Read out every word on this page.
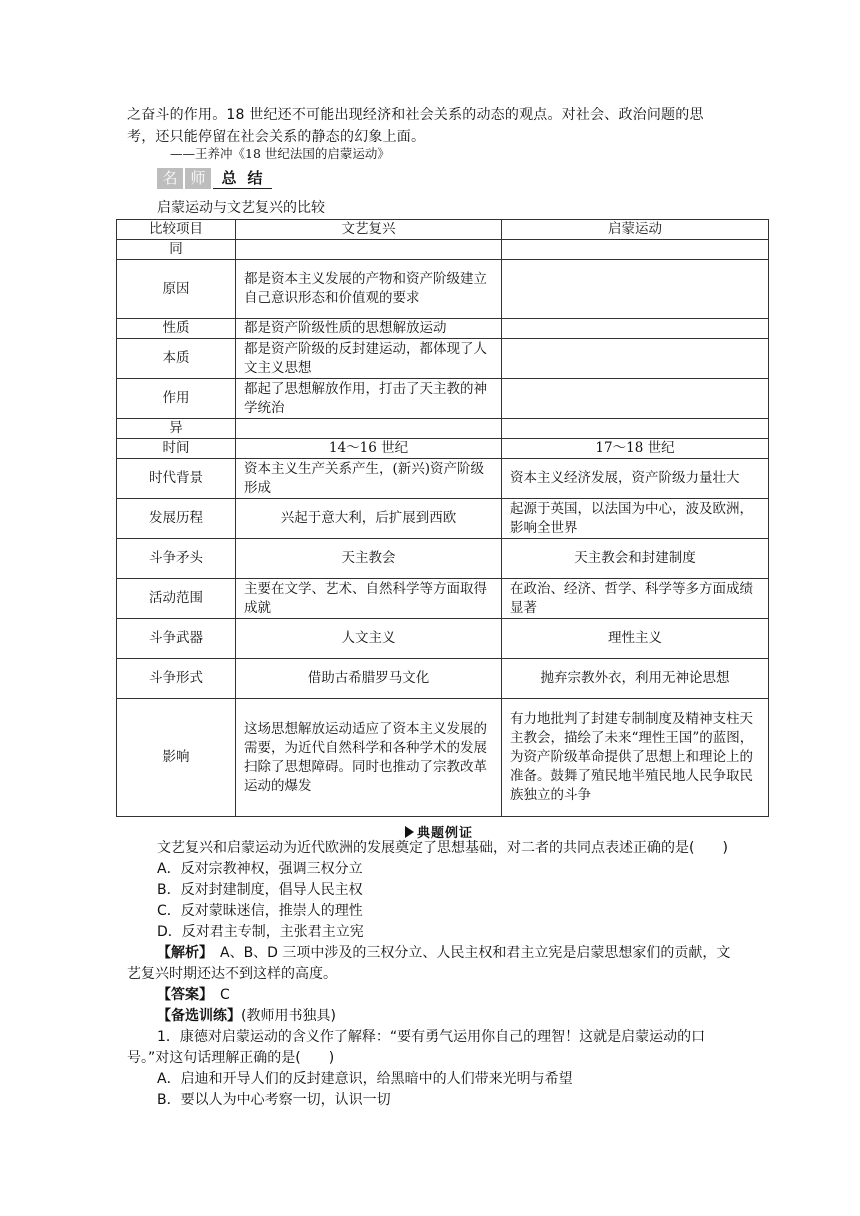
之奋斗的作用。18 世纪还不可能出现经济和社会关系的动态的观点。对社会、政治问题的思
考，还只能停留在社会关系的静态的幻象上面。
——王养冲《18 世纪法国的启蒙运动》
名 师	总 结
启蒙运动与文艺复兴的比较
比较项目	文艺复兴	启蒙运动
同		
原因	都是资本主义发展的产物和资产阶级建立自己意识形态和价值观的要求	
性质	都是资产阶级性质的思想解放运动	
本质	都是资产阶级的反封建运动，都体现了人文主义思想	
作用	都起了思想解放作用，打击了天主教的神学统治	
异		
时间	14～16 世纪	17～18 世纪
时代背景	资本主义生产关系产生，(新兴)资产阶级形成	资本主义经济发展，资产阶级力量壮大
发展历程	兴起于意大利，后扩展到西欧	起源于英国，以法国为中心，波及欧洲，影响全世界
斗争矛头	天主教会	天主教会和封建制度
活动范围	主要在文学、艺术、自然科学等方面取得成就	在政治、经济、哲学、科学等多方面成绩显著
斗争武器	人文主义	理性主义
斗争形式	借助古希腊罗马文化	抛弃宗教外衣，利用无神论思想
影响	这场思想解放运动适应了资本主义发展的需要，为近代自然科学和各种学术的发展扫除了思想障碍。同时也推动了宗教改革运动的爆发	有力地批判了封建专制制度及精神支柱天主教会，描绘了未来“理性王国”的蓝图，为资产阶级革命提供了思想上和理论上的准备。鼓舞了殖民地半殖民地人民争取民族独立的斗争
典题例证

文艺复兴和启蒙运动为近代欧洲的发展奠定了思想基础，对二者的共同点表述正确的是(　　)

A．反对宗教神权，强调三权分立

B．反对封建制度，倡导人民主权

C．反对蒙昧迷信，推崇人的理性

D．反对君主专制，主张君主立宪

【解析】　A、B、D 三项中涉及的三权分立、人民主权和君主立宪是启蒙思想家们的贡献，文艺复兴时期还达不到这样的高度。

【答案】　C

【备选训练】(教师用书独具)

1．康德对启蒙运动的含义作了解释：“要有勇气运用你自己的理智！这就是启蒙运动的口号。”对这句话理解正确的是(　　)

A．启迪和开导人们的反封建意识，给黑暗中的人们带来光明与希望

B．要以人为中心考察一切，认识一切
